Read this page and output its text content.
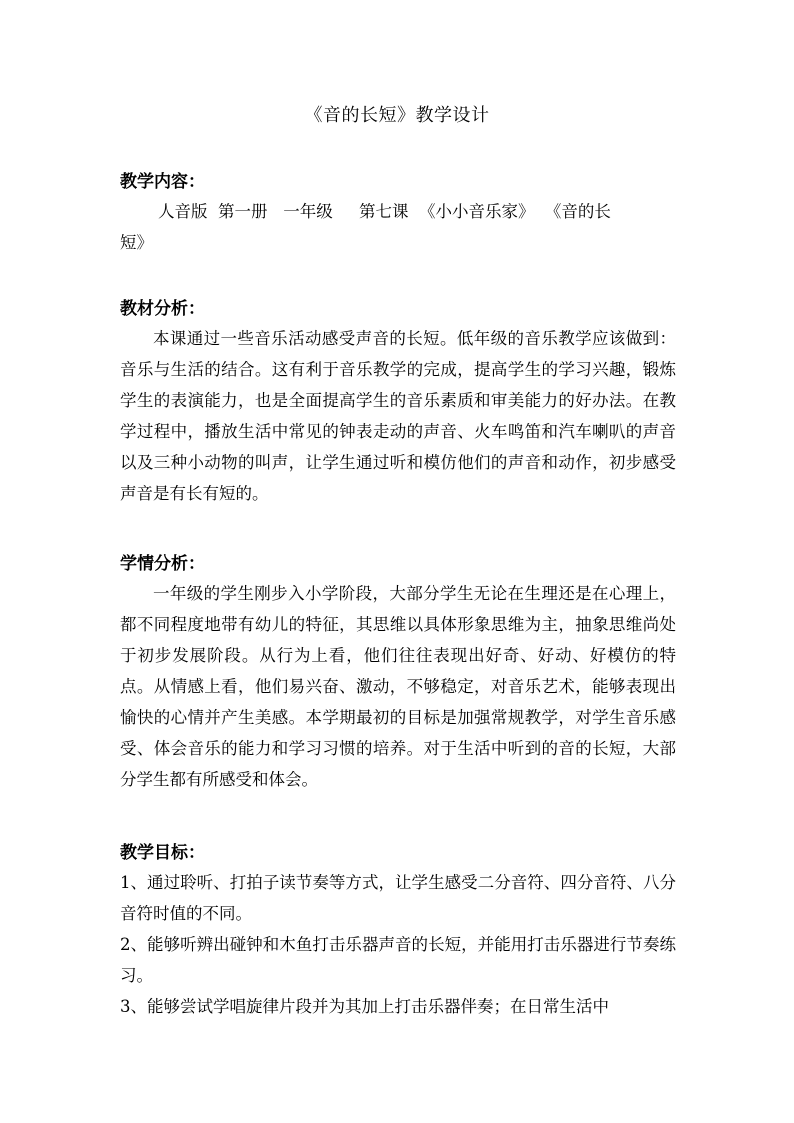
《音的长短》教学设计
教学内容：
人音版  第一册   一年级     第七课  《小小音乐家》  《音的长
短》
教材分析：

本课通过一些音乐活动感受声音的长短。低年级的音乐教学应该做到：音乐与生活的结合。这有利于音乐教学的完成，提高学生的学习兴趣，锻炼学生的表演能力，也是全面提高学生的音乐素质和审美能力的好办法。在教学过程中，播放生活中常见的钟表走动的声音、火车鸣笛和汽车喇叭的声音以及三种小动物的叫声，让学生通过听和模仿他们的声音和动作，初步感受声音是有长有短的。

学情分析：

一年级的学生刚步入小学阶段，大部分学生无论在生理还是在心理上，都不同程度地带有幼儿的特征，其思维以具体形象思维为主，抽象思维尚处于初步发展阶段。从行为上看，他们往往表现出好奇、好动、好模仿的特点。从情感上看，他们易兴奋、激动，不够稳定，对音乐艺术，能够表现出愉快的心情并产生美感。本学期最初的目标是加强常规教学，对学生音乐感受、体会音乐的能力和学习习惯的培养。对于生活中听到的音的长短，大部分学生都有所感受和体会。

教学目标：

1、通过聆听、打拍子读节奏等方式，让学生感受二分音符、四分音符、八分音符时值的不同。

2、能够听辨出碰钟和木鱼打击乐器声音的长短，并能用打击乐器进行节奏练习。

3、能够尝试学唱旋律片段并为其加上打击乐器伴奏；在日常生活中
